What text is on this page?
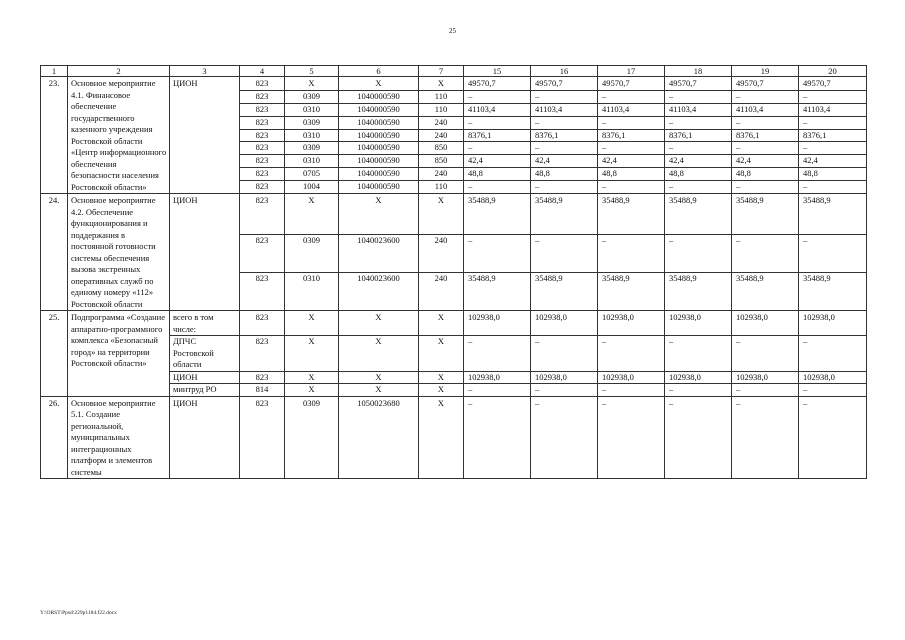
25
1	2	3	4	5	6	7	15	16	17	18	19	20
23.	Основное мероприятие 4.1. Финансовое обеспечение государственного казенного учреждения Ростовской области «Центр информационного обеспечения безопасности населения Ростовской области»	ЦИОН	823	Х	Х	Х	49570,7	49570,7	49570,7	49570,7	49570,7	49570,7
			823	0309	1040000590	110	–	–	–	–	–	–
			823	0310	1040000590	110	41103,4	41103,4	41103,4	41103,4	41103,4	41103,4
			823	0309	1040000590	240	–	–	–	–	–	–
			823	0310	1040000590	240	8376,1	8376,1	8376,1	8376,1	8376,1	8376,1
			823	0309	1040000590	850	–	–	–	–	–	–
			823	0310	1040000590	850	42,4	42,4	42,4	42,4	42,4	42,4
			823	0705	1040000590	240	48,8	48,8	48,8	48,8	48,8	48,8
			823	1004	1040000590	110	–	–	–	–	–	–
24.	Основное мероприятие 4.2. Обеспечение функционирования и поддержания в постоянной готовности системы обеспечения вызова экстренных оперативных служб по единому номеру «112» Ростовской области	ЦИОН	823	Х	Х	Х	35488,9	35488,9	35488,9	35488,9	35488,9	35488,9
			823	0309	1040023600	240	–	–	–	–	–	–
			823	0310	1040023600	240	35488,9	35488,9	35488,9	35488,9	35488,9	35488,9
25.	Подпрограмма «Создание аппаратно-программного комплекса «Безопасный город» на территории Ростовской области»	всего в том числе:	823	Х	Х	Х	102938,0	102938,0	102938,0	102938,0	102938,0	102938,0
		ДПЧС Ростовской области	823	Х	Х	Х	–	–	–	–	–	–
		ЦИОН	823	Х	Х	Х	102938,0	102938,0	102938,0	102938,0	102938,0	102938,0
		минтруд РО	814	Х	Х	Х	–	–	–	–	–	–
26.	Основное мероприятие 5.1. Создание региональной, муниципальных интеграционных платформ и элементов системы	ЦИОН	823	0309	1050023680	Х	–	–	–	–	–	–
Y:\ORST\Ppsd\229p1184.f22.docx
